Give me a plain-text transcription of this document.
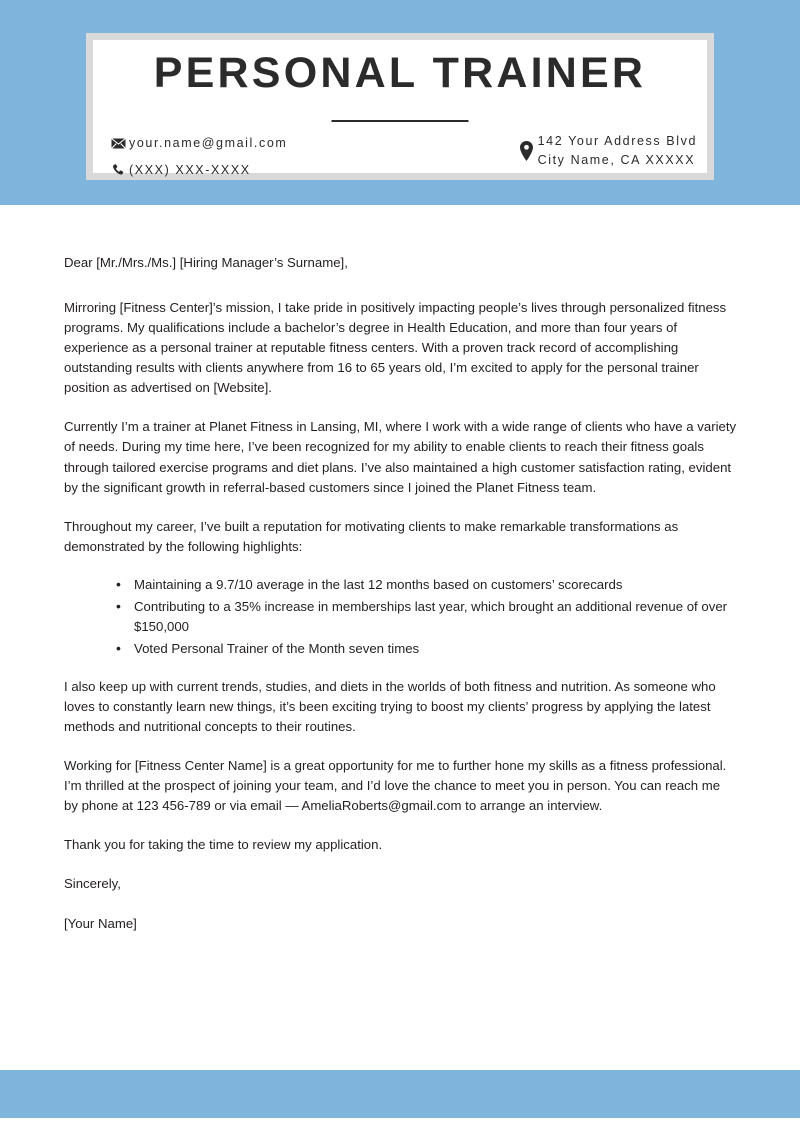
PERSONAL TRAINER
your.name@gmail.com
(XXX) XXX-XXXX
142 Your Address Blvd
City Name, CA XXXXX

Dear [Mr./Mrs./Ms.] [Hiring Manager’s Surname],

Mirroring [Fitness Center]’s mission, I take pride in positively impacting people’s lives through personalized fitness programs. My qualifications include a bachelor’s degree in Health Education, and more than four years of experience as a personal trainer at reputable fitness centers. With a proven track record of accomplishing outstanding results with clients anywhere from 16 to 65 years old, I’m excited to apply for the personal trainer position as advertised on [Website].

Currently I’m a trainer at Planet Fitness in Lansing, MI, where I work with a wide range of clients who have a variety of needs. During my time here, I’ve been recognized for my ability to enable clients to reach their fitness goals through tailored exercise programs and diet plans. I’ve also maintained a high customer satisfaction rating, evident by the significant growth in referral-based customers since I joined the Planet Fitness team.

Throughout my career, I’ve built a reputation for motivating clients to make remarkable transformations as demonstrated by the following highlights:

• Maintaining a 9.7/10 average in the last 12 months based on customers’ scorecards
• Contributing to a 35% increase in memberships last year, which brought an additional revenue of over $150,000
• Voted Personal Trainer of the Month seven times

I also keep up with current trends, studies, and diets in the worlds of both fitness and nutrition. As someone who loves to constantly learn new things, it’s been exciting trying to boost my clients’ progress by applying the latest methods and nutritional concepts to their routines.

Working for [Fitness Center Name] is a great opportunity for me to further hone my skills as a fitness professional. I’m thrilled at the prospect of joining your team, and I’d love the chance to meet you in person. You can reach me by phone at 123 456-789 or via email — AmeliaRoberts@gmail.com to arrange an interview.

Thank you for taking the time to review my application.

Sincerely,

[Your Name]
